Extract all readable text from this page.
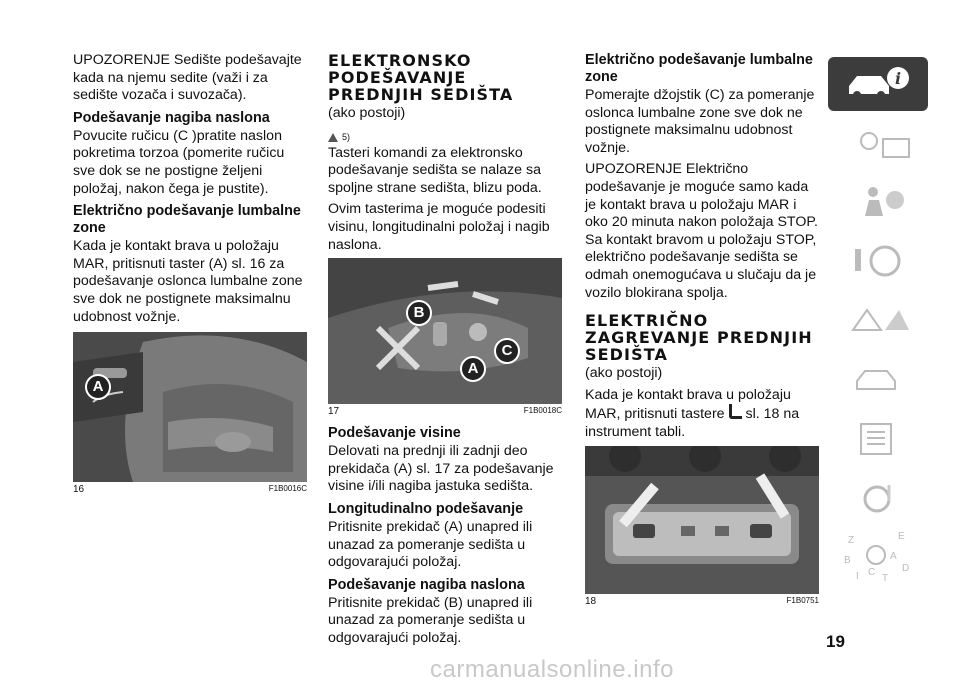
UPOZORENJE Sedište podešavajte kada na njemu sedite (važi i za sedište vozača i suvozača).

Podešavanje nagiba naslona

Povucite ručicu (C )pratite naslon pokretima torzoa (pomerite ručicu sve dok se ne postigne željeni položaj, nakon čega je pustite).

Električno podešavanje lumbalne zone

Kada je kontakt brava u položaju MAR, pritisnuti taster (A) sl. 16 za podešavanje oslonca lumbalne zone sve dok ne postignete maksimalnu udobnost vožnje.

A
16	F1B0016C
ELEKTRONSKO PODEŠAVANJE PREDNJIH SEDIŠTA

(ako postoji)

5)

Tasteri komandi za elektronsko podešavanje sedišta se nalaze sa spoljne strane sedišta, blizu poda.

Ovim tasterima je moguće podesiti visinu, longitudinalni položaj i nagib naslona.

B
A
C
17	F1B0018C
Podešavanje visine

Delovati na prednji ili zadnji deo prekidača (A) sl. 17 za podešavanje visine i/ili nagiba jastuka sedišta.

Longitudinalno podešavanje

Pritisnite prekidač (A) unapred ili unazad za pomeranje sedišta u odgovarajući položaj.

Podešavanje nagiba naslona

Pritisnite prekidač (B) unapred ili unazad za pomeranje sedišta u odgovarajući položaj.

Električno podešavanje lumbalne zone

Pomerajte džojstik (C) za pomeranje oslonca lumbalne zone sve dok ne postignete maksimalnu udobnost vožnje.

UPOZORENJE Električno podešavanje je moguće samo kada je kontakt brava u položaju MAR i oko 20 minuta nakon položaja STOP. Sa kontakt bravom u položaju STOP, električno podešavanje sedišta se odmah onemogućava u slučaju da je vozilo blokirana spolja.

ELEKTRIČNO ZAGREVANJE PREDNJIH SEDIŠTA

(ako postoji)

Kada je kontakt brava u položaju MAR, pritisnuti tastere sl. 18 na instrument tabli.

18	F1B0751
i
Z	E
B	A
C	D
I T
19
carmanualsonline.info
